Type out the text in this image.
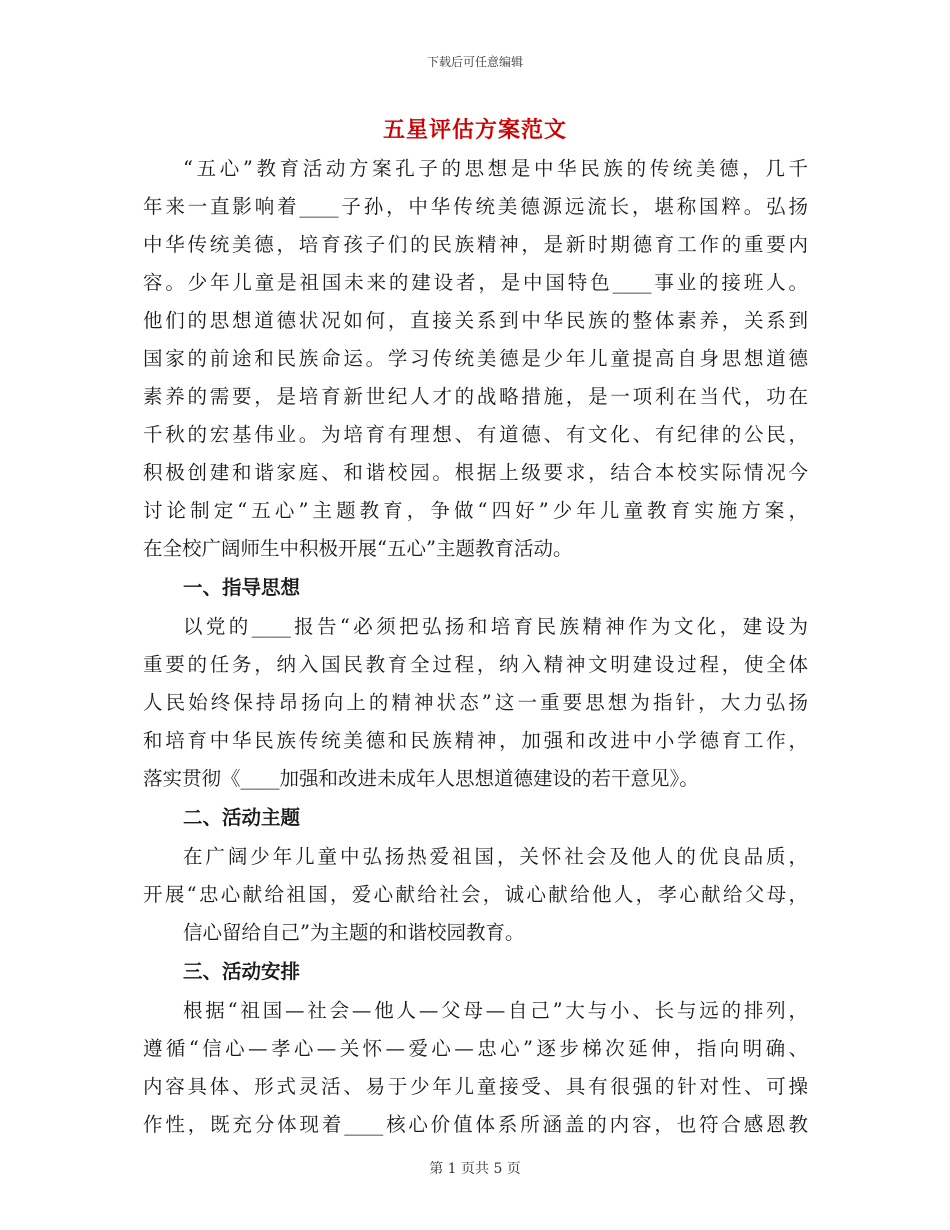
下载后可任意编辑
五星评估方案范文
“五心”教育活动方案孔子的思想是中华民族的传统美德，几千
年来一直影响着____子孙，中华传统美德源远流长，堪称国粹。弘扬
中华传统美德，培育孩子们的民族精神，是新时期德育工作的重要内
容。少年儿童是祖国未来的建设者，是中国特色____事业的接班人。
他们的思想道德状况如何，直接关系到中华民族的整体素养，关系到
国家的前途和民族命运。学习传统美德是少年儿童提高自身思想道德
素养的需要，是培育新世纪人才的战略措施，是一项利在当代，功在
千秋的宏基伟业。为培育有理想、有道德、有文化、有纪律的公民，
积极创建和谐家庭、和谐校园。根据上级要求，结合本校实际情况今
讨论制定“五心”主题教育，争做“四好”少年儿童教育实施方案，
在全校广阔师生中积极开展“五心”主题教育活动。
一、指导思想
以党的____报告“必须把弘扬和培育民族精神作为文化，建设为
重要的任务，纳入国民教育全过程，纳入精神文明建设过程，使全体
人民始终保持昂扬向上的精神状态”这一重要思想为指针，大力弘扬
和培育中华民族传统美德和民族精神，加强和改进中小学德育工作，
落实贯彻《____加强和改进未成年人思想道德建设的若干意见》。
二、活动主题
在广阔少年儿童中弘扬热爱祖国，关怀社会及他人的优良品质，
开展“忠心献给祖国，爱心献给社会，诚心献给他人，孝心献给父母，
信心留给自己”为主题的和谐校园教育。
三、活动安排
根据“祖国—社会—他人—父母—自己”大与小、长与远的排列，
遵循“信心—孝心—关怀—爱心—忠心”逐步梯次延伸，指向明确、
内容具体、形式灵活、易于少年儿童接受、具有很强的针对性、可操
作性，既充分体现着____核心价值体系所涵盖的内容，也符合感恩教
第 1 页共 5 页
